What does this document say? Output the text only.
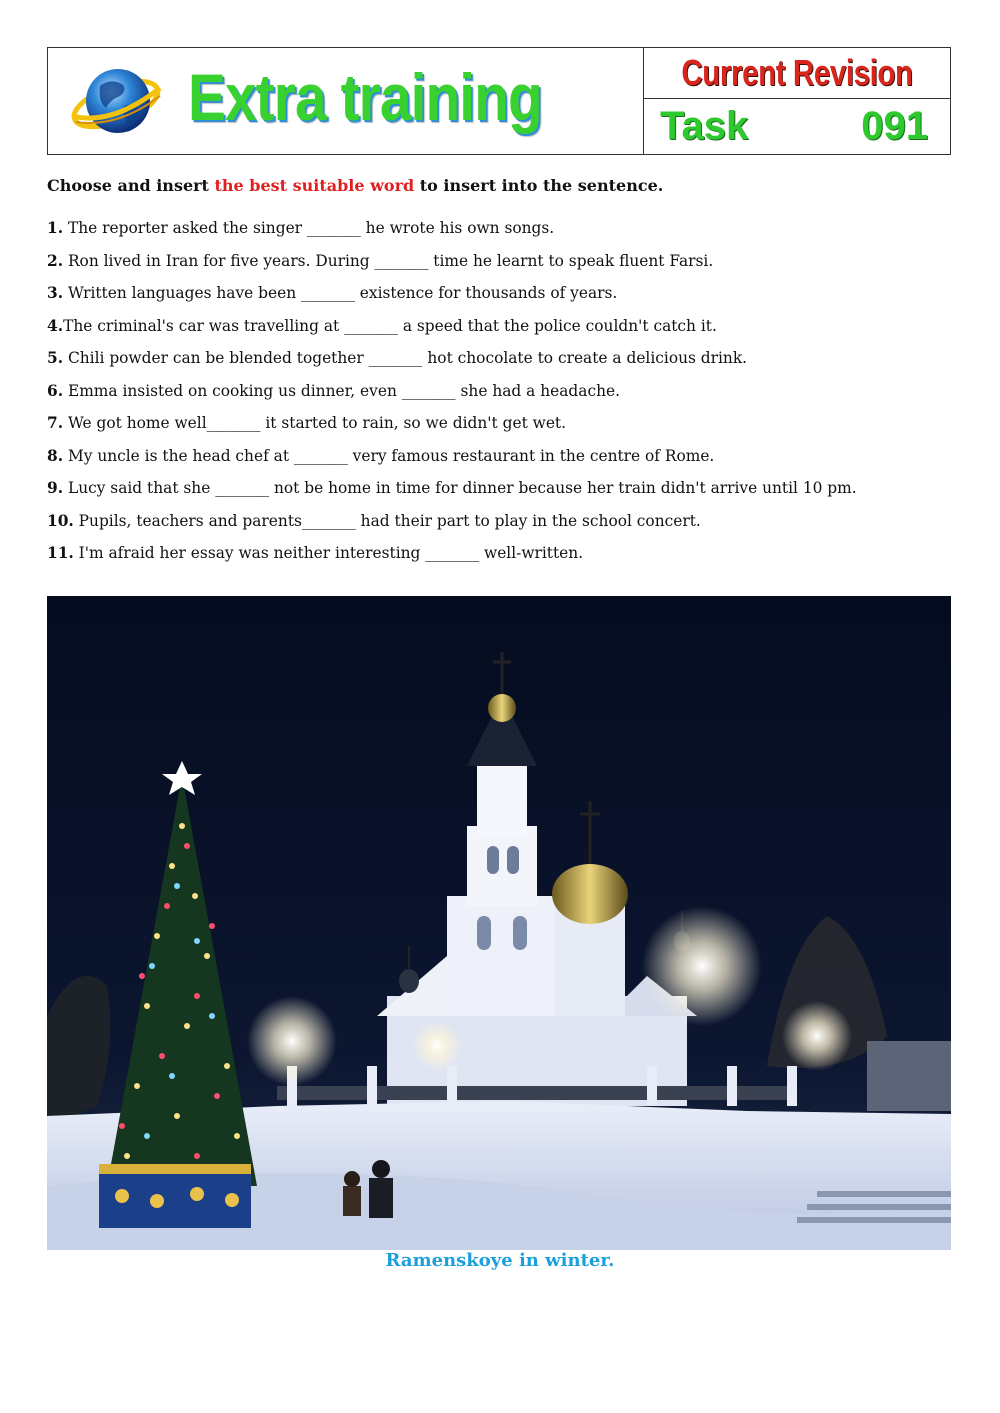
Extra training	Current Revision
Task	091
Choose and insert the best suitable word to insert into the sentence.
1. The reporter asked the singer _______ he wrote his own songs.
2. Ron lived in Iran for five years. During _______ time he learnt to speak fluent Farsi.
3. Written languages have been _______ existence for thousands of years.
4.The criminal's car was travelling at _______ a speed that the police couldn't catch it.
5. Chili powder can be blended together _______ hot chocolate to create a delicious drink.
6. Emma insisted on cooking us dinner, even _______ she had a headache.
7. We got home well_______ it started to rain, so we didn't get wet.
8. My uncle is the head chef at _______ very famous restaurant in the centre of Rome.
9. Lucy said that she _______ not be home in time for dinner because her train didn't arrive until 10 pm.
10. Pupils, teachers and parents_______ had their part to play in the school concert.
11. I'm afraid her essay was neither interesting _______ well-written.
Ramenskoye in winter.
